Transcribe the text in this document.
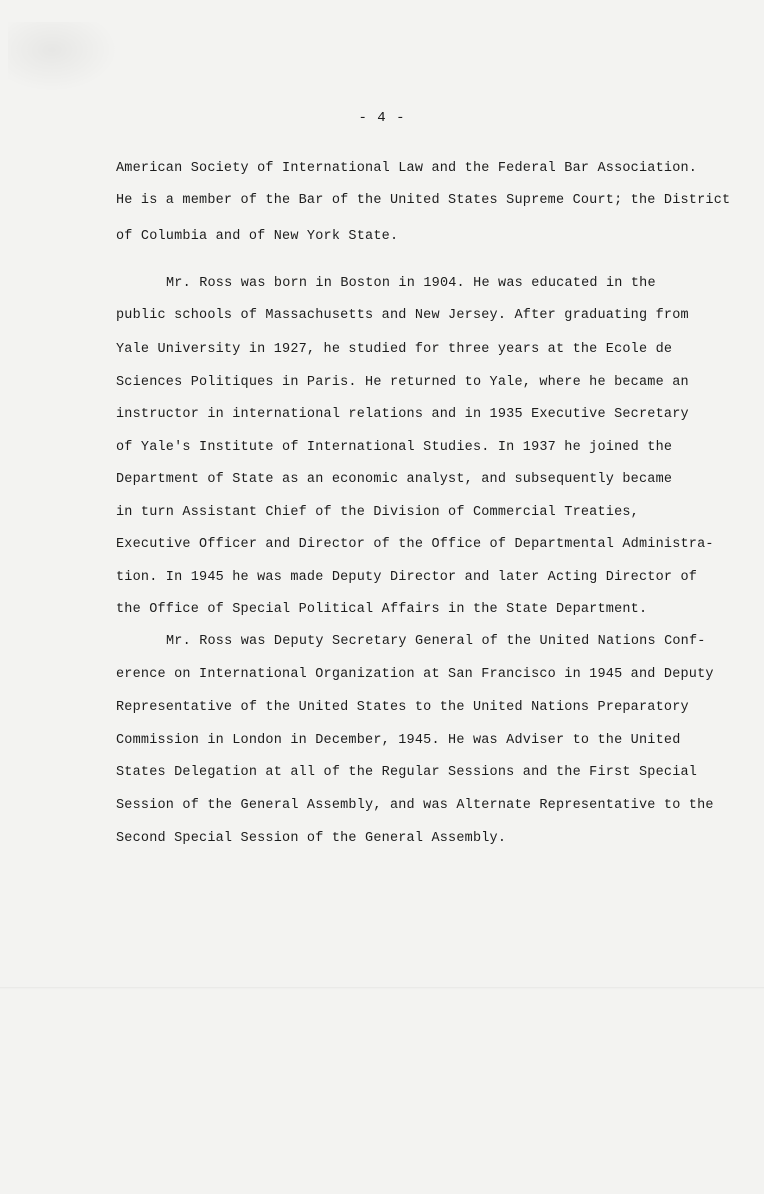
- 4 -
American Society of International Law and the Federal Bar Association.
He is a member of the Bar of the United States Supreme Court; the District
of Columbia and of New York State.
Mr. Ross was born in Boston in 1904. He was educated in the
public schools of Massachusetts and New Jersey. After graduating from
Yale University in 1927, he studied for three years at the Ecole de
Sciences Politiques in Paris. He returned to Yale, where he became an
instructor in international relations and in 1935 Executive Secretary
of Yale's Institute of International Studies. In 1937 he joined the
Department of State as an economic analyst, and subsequently became
in turn Assistant Chief of the Division of Commercial Treaties,
Executive Officer and Director of the Office of Departmental Administra-
tion. In 1945 he was made Deputy Director and later Acting Director of
the Office of Special Political Affairs in the State Department.
Mr. Ross was Deputy Secretary General of the United Nations Conf-
erence on International Organization at San Francisco in 1945 and Deputy
Representative of the United States to the United Nations Preparatory
Commission in London in December, 1945. He was Adviser to the United
States Delegation at all of the Regular Sessions and the First Special
Session of the General Assembly, and was Alternate Representative to the
Second Special Session of the General Assembly.
